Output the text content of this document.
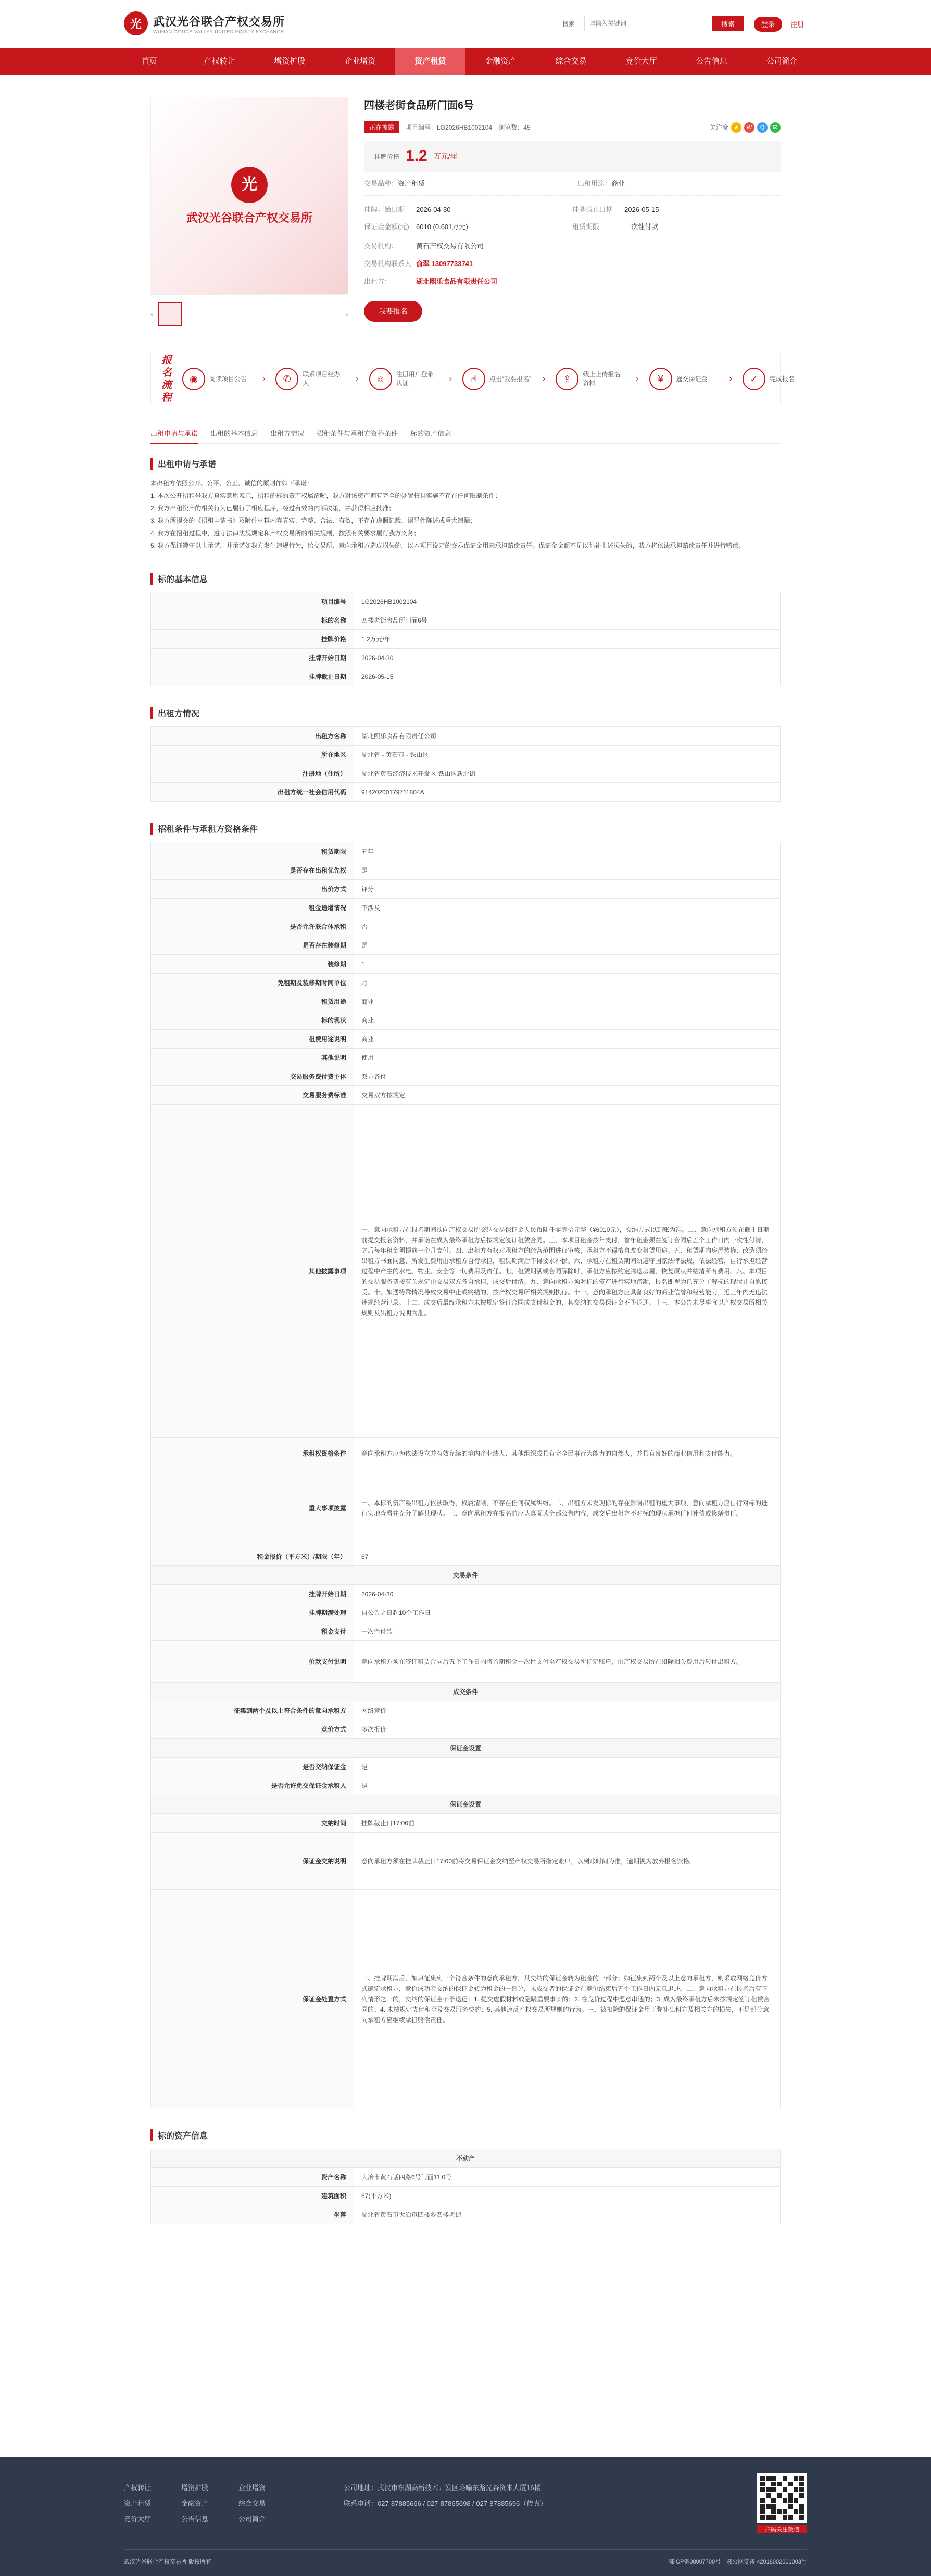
光	武汉光谷联合产权交易所
WUHAN OPTICS VALLEY UNITED EQUITY EXCHANGE
搜索：
请输入关键词	搜索	登录	注册
首页	产权转让	增资扩股	企业增资	资产租赁	金融资产	综合交易	竞价大厅	公告信息	公司简介
光
武汉光谷联合产权交易所
‹	›
四楼老街食品所门面6号
正在披露	项目编号：LG2026HB1002104 浏览数：45	关注度 ★	W	Q	✉
挂牌价格 1.2 万元/年
交易品种：资产租赁	出租用途：商业
挂牌开始日期 2026-04-30	挂牌截止日期 2026-05-15
保证金金额(元) 6010 (0.601万元)	租赁期限	一次性付款
交易机构：	黄石产权交易有限公司
交易机构联系人 俞翠 13097733741
出租方：	湖北熙乐食品有限责任公司
我要报名
报名流程
◉	阅读项目公告	›	✆	联系项目经办人	›	☺	注册用户登录认证	›	☝	点击“我要报名” ›	⇪	线上上传报名资料	›	¥	递交保证金	›	✓	完成报名
出租申请与承诺 出租的基本信息 出租方情况 招租条件与承租方资格条件 标的资产信息
出租申请与承诺

本出租方依照公开、公平、公正、诚信的原则作如下承诺：

1. 本次公开招租是我方真实意愿表示，招租的标的资产权属清晰，我方对该资产拥有完全的处置权且实施不存在任何限制条件；

2. 我方出租资产的相关行为已履行了相应程序，经过有效的内部决策，并获得相应批准；

3. 我方所提交的《招租申请书》及附件材料内容真实、完整、合法、有效，不存在虚假记载、误导性陈述或重大遗漏；

4. 我方在招租过程中，遵守法律法规规定和产权交易所的相关规则，按照有关要求履行我方义务；

5. 我方保证遵守以上承诺，并承诺如我方发生违规行为，给交易所、意向承租方造成损失的，以本项目设定的交易保证金用来承担赔偿责任。保证金金额不足以弥补上述损失的，我方将依法承担赔偿责任并进行赔偿。

标的基本信息
项目编号	LG2026HB1002104
标的名称	四楼老街食品所门面6号
挂牌价格	1.2万元/年
挂牌开始日期	2026-04-30
挂牌截止日期	2026-05-15
出租方情况
出租方名称	湖北熙乐食品有限责任公司
所在地区	湖北省 - 黄石市 - 铁山区
注册地（住所）	湖北省黄石经济技术开发区 铁山区新北街
出租方统一社会信用代码	91420200179711804A
招租条件与承租方资格条件
租赁期限	五年
是否存在出租优先权	是
出价方式	评分
租金递增情况	不涉及
是否允许联合体承租	否
是否存在装修期	是
装修期	1
免租期及装修期时间单位	月
租赁用途	商业
标的现状	商业
租赁用途说明	商业
其他说明	使用
交易服务费付费主体	双方各付
交易服务费标准	交易双方按规定
其他披露事项	一、意向承租方在报名期间须向产权交易所交纳交易保证金人民币陆仟零壹拾元整（¥6010元），交纳方式以到账为准。二、意向承租方须在截止日期前提交报名资料，并承诺在成为最终承租方后按规定签订租赁合同。三、本项目租金按年支付，首年租金须在签订合同后五个工作日内一次性付清，之后每年租金须提前一个月支付。四、出租方有权对承租方的经营范围进行审核，承租方不得擅自改变租赁用途。五、租赁期内房屋装修、改造须经出租方书面同意，所发生费用由承租方自行承担，租赁期满后不得要求补偿。六、承租方在租赁期间须遵守国家法律法规，依法经营，自行承担经营过程中产生的水电、物业、安全等一切费用及责任。七、租赁期满或合同解除时，承租方应按约定腾退房屋，恢复原状并结清所有费用。八、本项目的交易服务费按有关规定由交易双方各自承担，成交后付清。九、意向承租方须对标的资产进行实地踏勘，报名即视为已充分了解标的现状并自愿接受。十、如遇特殊情况导致交易中止或终结的，按产权交易所相关规则执行。十一、意向承租方应具备良好的商业信誉和经营能力，近三年内无违法违规经营记录。十二、成交后最终承租方未按规定签订合同或支付租金的，其交纳的交易保证金不予退还。十三、本公告未尽事宜以产权交易所相关规则及出租方说明为准。
承租权资格条件	意向承租方应为依法设立并有效存续的境内企业法人、其他组织或具有完全民事行为能力的自然人，并具有良好的商业信用和支付能力。
重大事项披露	一、本标的资产系出租方依法取得，权属清晰，不存在任何权属纠纷。二、出租方未发现标的存在影响出租的重大事项，意向承租方应自行对标的进行实地查看并充分了解其现状。三、意向承租方在报名前应认真阅读全部公告内容，成交后出租方不对标的现状承担任何补偿或修缮责任。
租金报价（平方米）/期限（年）	67
交易条件	
挂牌开始日期	2026-04-30
挂牌期满处理	自公告之日起10个工作日
租金支付	一次性付款
价款支付说明	意向承租方须在签订租赁合同后五个工作日内将首期租金一次性支付至产权交易所指定账户，由产权交易所在扣除相关费用后转付出租方。
成交条件	
征集到两个及以上符合条件的意向承租方	网络竞价
竞价方式	多次报价
保证金设置	
是否交纳保证金	是
是否允许免交保证金承租人	是
保证金设置	
交纳时间	挂牌截止日17:00前
保证金交纳说明	意向承租方须在挂牌截止日17:00前将交易保证金交纳至产权交易所指定账户，以到账时间为准，逾期视为放弃报名资格。
保证金处置方式	一、挂牌期满后，如只征集到一个符合条件的意向承租方，其交纳的保证金转为租金的一部分；如征集到两个及以上意向承租方，则采取网络竞价方式确定承租方，竞价成功者交纳的保证金转为租金的一部分，未成交者的保证金在竞价结束后五个工作日内无息退还。二、意向承租方在报名后有下列情形之一的，交纳的保证金不予退还：1. 提交虚假材料或隐瞒重要事实的；2. 在竞价过程中恶意串通的；3. 成为最终承租方后未按规定签订租赁合同的；4. 未按规定支付租金及交易服务费的；5. 其他违反产权交易所规则的行为。三、被扣除的保证金用于弥补出租方及相关方的损失，不足部分意向承租方应继续承担赔偿责任。
标的资产信息
不动产	
资产名称	大冶市黄石话四路6号门面11.0号
建筑面积	67(平方米)
坐落	湖北省黄石市大冶市四楼乡四楼老街
产权转让	增资扩股	企业增资
资产租赁	金融资产	综合交易
竞价大厅	公告信息	公司简介
公司地址：武汉市东湖高新技术开发区珞喻东路光谷资本大厦16楼
联系电话：027-87885666 / 027-87865698 / 027-87885696（传真）
扫码关注微信
武汉光谷联合产权交易所 版权所有	鄂ICP备08007700号　 鄂公网安备 42018002001003号
